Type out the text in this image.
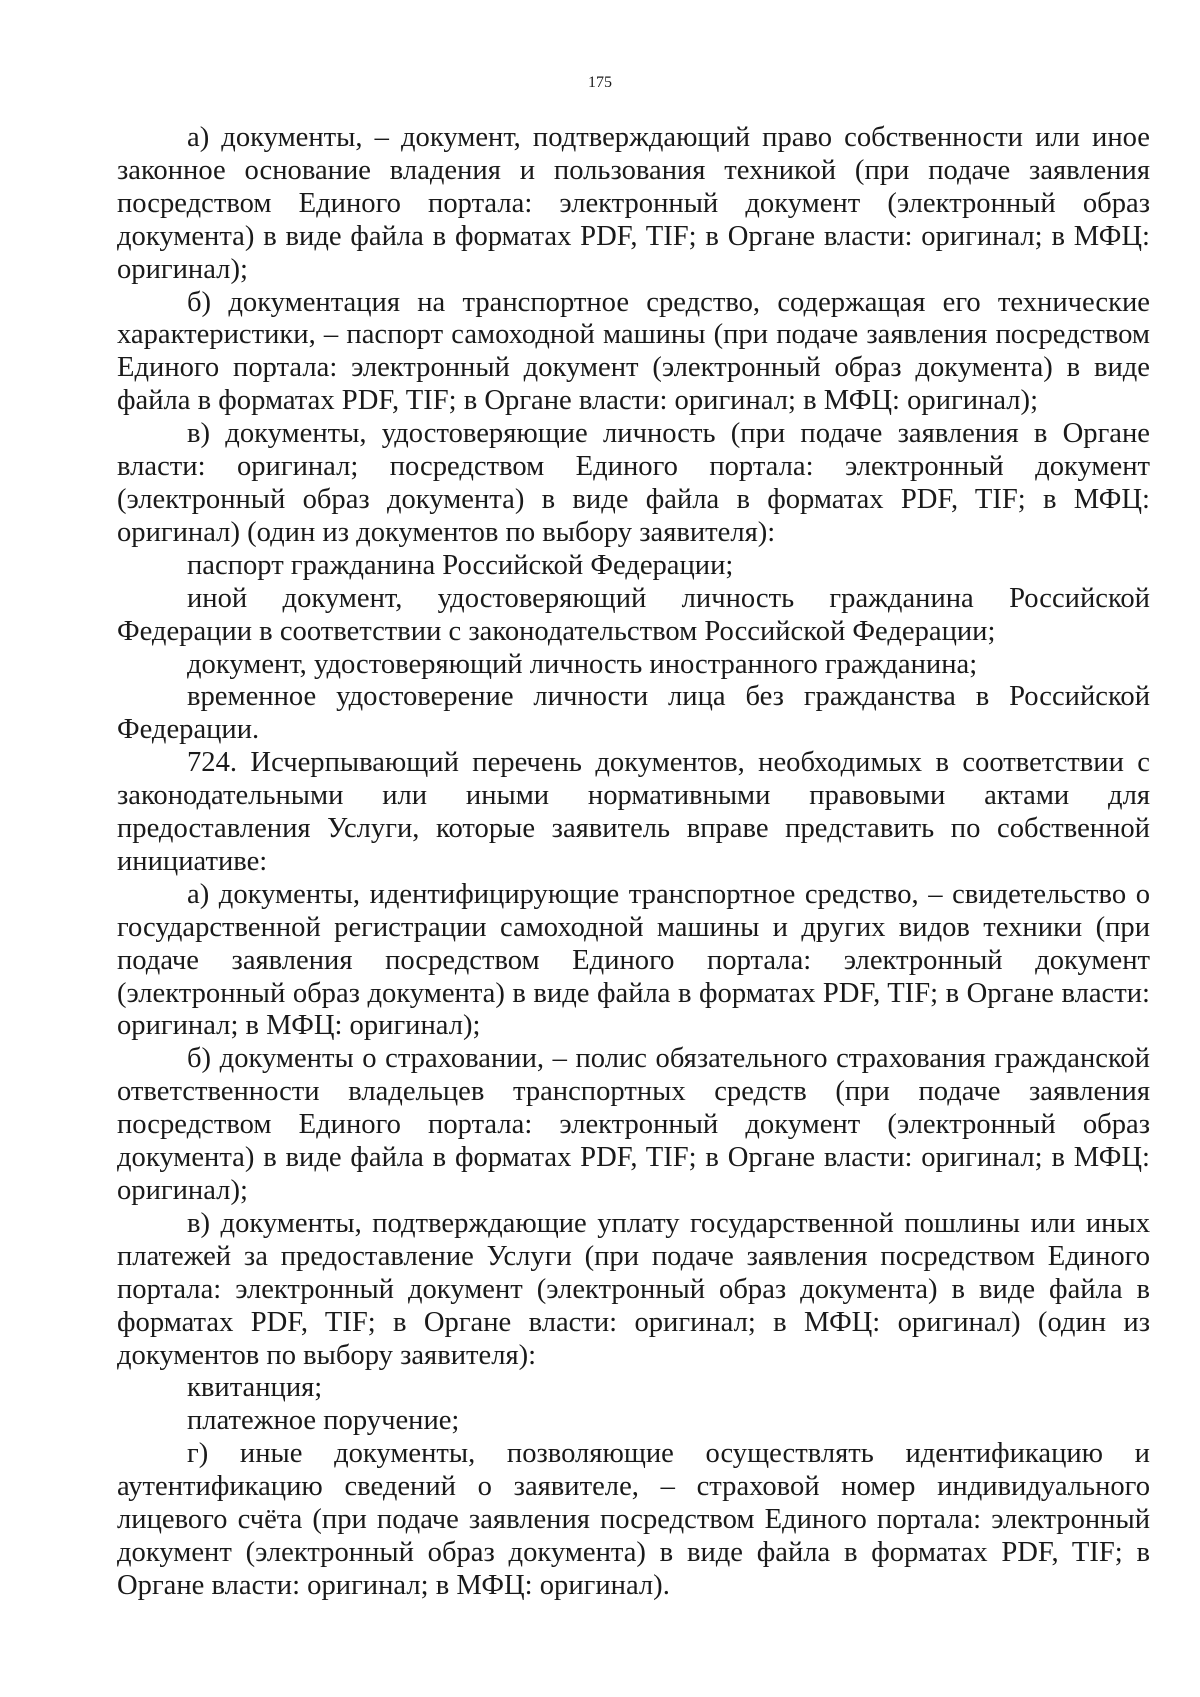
175

а) документы, – документ, подтверждающий право собственности или иное законное основание владения и пользования техникой (при подаче заявления посредством Единого портала: электронный документ (электронный образ документа) в виде файла в форматах PDF, TIF; в Органе власти: оригинал; в МФЦ: оригинал);

б) документация на транспортное средство, содержащая его технические характеристики, – паспорт самоходной машины (при подаче заявления посредством Единого портала: электронный документ (электронный образ документа) в виде файла в форматах PDF, TIF; в Органе власти: оригинал; в МФЦ: оригинал);

в) документы, удостоверяющие личность (при подаче заявления в Органе власти: оригинал; посредством Единого портала: электронный документ (электронный образ документа) в виде файла в форматах PDF, TIF; в МФЦ: оригинал) (один из документов по выбору заявителя):

паспорт гражданина Российской Федерации;

иной документ, удостоверяющий личность гражданина Российской Федерации в соответствии с законодательством Российской Федерации;

документ, удостоверяющий личность иностранного гражданина;

временное удостоверение личности лица без гражданства в Российской Федерации.

724. Исчерпывающий перечень документов, необходимых в соответствии с законодательными или иными нормативными правовыми актами для предоставления Услуги, которые заявитель вправе представить по собственной инициативе:

а) документы, идентифицирующие транспортное средство, – свидетельство о государственной регистрации самоходной машины и других видов техники (при подаче заявления посредством Единого портала: электронный документ (электронный образ документа) в виде файла в форматах PDF, TIF; в Органе власти: оригинал; в МФЦ: оригинал);

б) документы о страховании, – полис обязательного страхования гражданской ответственности владельцев транспортных средств (при подаче заявления посредством Единого портала: электронный документ (электронный образ документа) в виде файла в форматах PDF, TIF; в Органе власти: оригинал; в МФЦ: оригинал);

в) документы, подтверждающие уплату государственной пошлины или иных платежей за предоставление Услуги (при подаче заявления посредством Единого портала: электронный документ (электронный образ документа) в виде файла в форматах PDF, TIF; в Органе власти: оригинал; в МФЦ: оригинал) (один из документов по выбору заявителя):

квитанция;

платежное поручение;

г) иные документы, позволяющие осуществлять идентификацию и аутентификацию сведений о заявителе, – страховой номер индивидуального лицевого счёта (при подаче заявления посредством Единого портала: электронный документ (электронный образ документа) в виде файла в форматах PDF, TIF; в Органе власти: оригинал; в МФЦ: оригинал).
